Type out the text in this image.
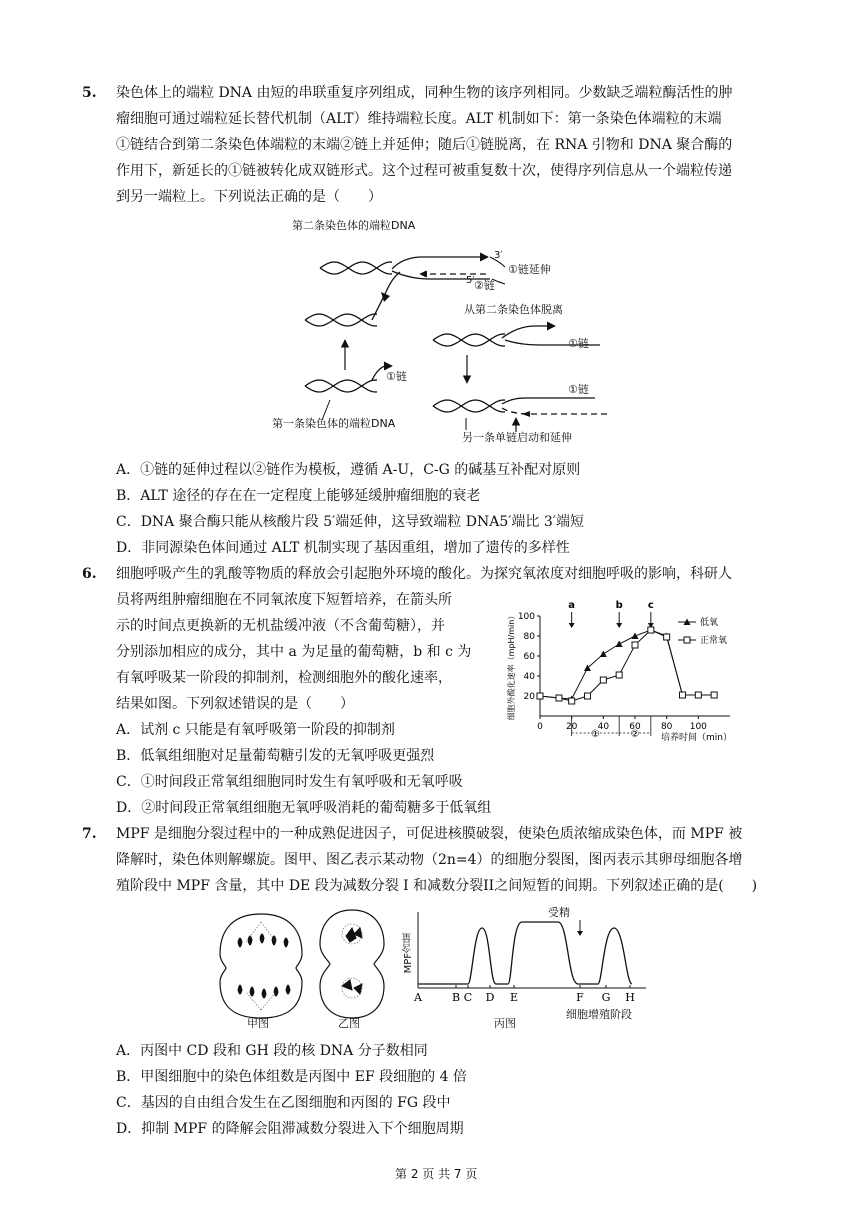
5. 染色体上的端粒 DNA 由短的串联重复序列组成，同种生物的该序列相同。少数缺乏端粒酶活性的肿
瘤细胞可通过端粒延长替代机制（ALT）维持端粒长度。ALT 机制如下：第一条染色体端粒的末端
①链结合到第二条染色体端粒的末端②链上并延伸；随后①链脱离，在 RNA 引物和 DNA 聚合酶的
作用下，新延长的①链被转化成双链形式。这个过程可被重复数十次，使得序列信息从一个端粒传递
到另一端粒上。下列说法正确的是（　　）
第二条染色体的端粒DNA
3′
①链延伸
5′ ②链
从第二条染色体脱离
①链
①链
①链
第一条染色体的端粒DNA
另一条单链启动和延伸
A．①链的延伸过程以②链作为模板，遵循 A-U，C-G 的碱基互补配对原则
B．ALT 途径的存在在一定程度上能够延缓肿瘤细胞的衰老
C．DNA 聚合酶只能从核酸片段 5′端延伸，这导致端粒 DNA5′端比 3′端短
D．非同源染色体间通过 ALT 机制实现了基因重组，增加了遗传的多样性
6. 细胞呼吸产生的乳酸等物质的释放会引起胞外环境的酸化。为探究氧浓度对细胞呼吸的影响，科研人
员将两组肿瘤细胞在不同氧浓度下短暂培养，在箭头所
示的时间点更换新的无机盐缓冲液（不含葡萄糖），并
分别添加相应的成分，其中 a 为足量的葡萄糖，b 和 c 为
有氧呼吸某一阶段的抑制剂，检测细胞外的酸化速率，
结果如图。下列叙述错误的是（　　）
0	20 40 60 80 100
20
40
60
80
100
培养时间（min）
细胞外酸化速率（mpH/min）
a	b	c
①	②
低氧
正常氧
A．试剂 c 只能是有氧呼吸第一阶段的抑制剂
B．低氧组细胞对足量葡萄糖引发的无氧呼吸更强烈
C．①时间段正常氧组细胞同时发生有氧呼吸和无氧呼吸
D．②时间段正常氧组细胞无氧呼吸消耗的葡萄糖多于低氧组
7. MPF 是细胞分裂过程中的一种成熟促进因子，可促进核膜破裂，使染色质浓缩成染色体，而 MPF 被
降解时，染色体则解螺旋。图甲、图乙表示某动物（2n=4）的细胞分裂图，图丙表示其卵母细胞各增
殖阶段中 MPF 含量，其中 DE 段为减数分裂 I 和减数分裂II之间短暂的间期。下列叙述正确的是(　　)
甲图	乙图
A	B C D E	F G H
MPF含量
受精
细胞增殖阶段
丙图
A．丙图中 CD 段和 GH 段的核 DNA 分子数相同
B．甲图细胞中的染色体组数是丙图中 EF 段细胞的 4 倍
C．基因的自由组合发生在乙图细胞和丙图的 FG 段中
D．抑制 MPF 的降解会阻滞减数分裂进入下个细胞周期
第 2 页 共 7 页
